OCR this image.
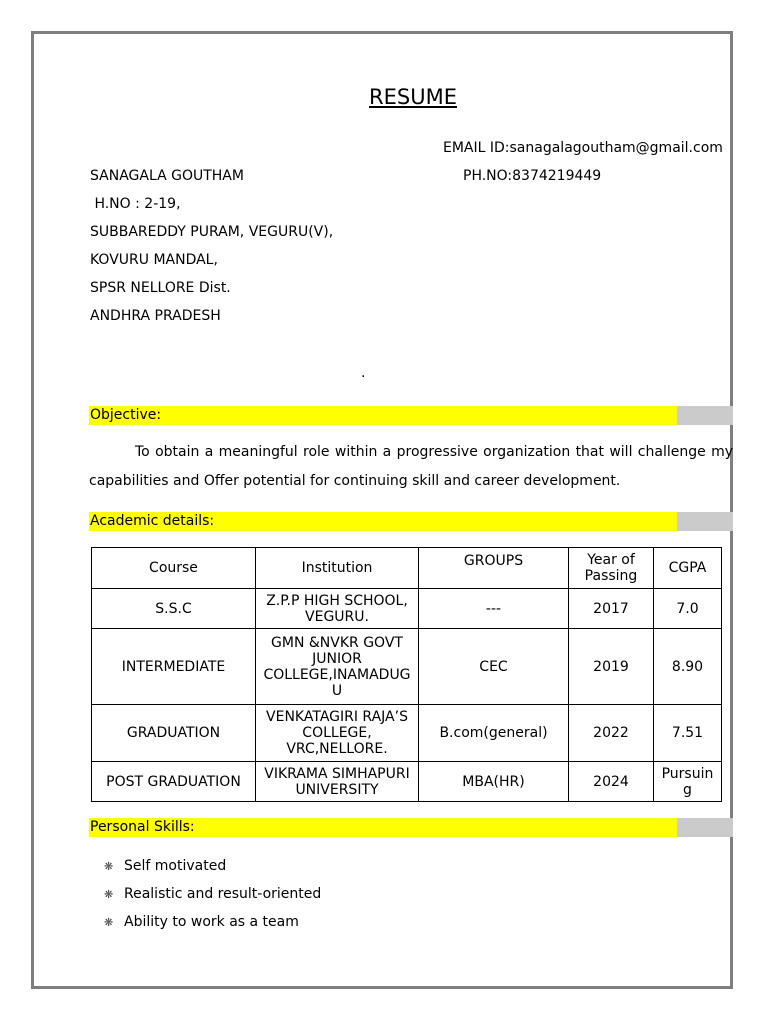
RESUME
EMAIL ID:sanagalagoutham@gmail.com
PH.NO:8374219449
SANAGALA GOUTHAM
H.NO : 2-19,
SUBBAREDDY PURAM, VEGURU(V),
KOVURU MANDAL,
SPSR NELLORE Dist.
ANDHRA PRADESH
.
Objective:
To obtain a meaningful role within a progressive organization that will challenge my capabilities and Offer potential for continuing skill and career development.
Academic details:
Course	Institution	GROUPS	Year of Passing	CGPA
S.S.C	Z.P.P HIGH SCHOOL, VEGURU.	---	2017	7.0
INTERMEDIATE	GMN &NVKR GOVT JUNIOR COLLEGE,INAMADUG U	CEC	2019	8.90
GRADUATION	VENKATAGIRI RAJA’S COLLEGE, VRC,NELLORE.	B.com(general)	2022	7.51
POST GRADUATION	VIKRAMA SIMHAPURI UNIVERSITY	MBA(HR)	2024	Pursuin g
Personal Skills:
❋ Self motivated
❋ Realistic and result-oriented
❋ Ability to work as a team
